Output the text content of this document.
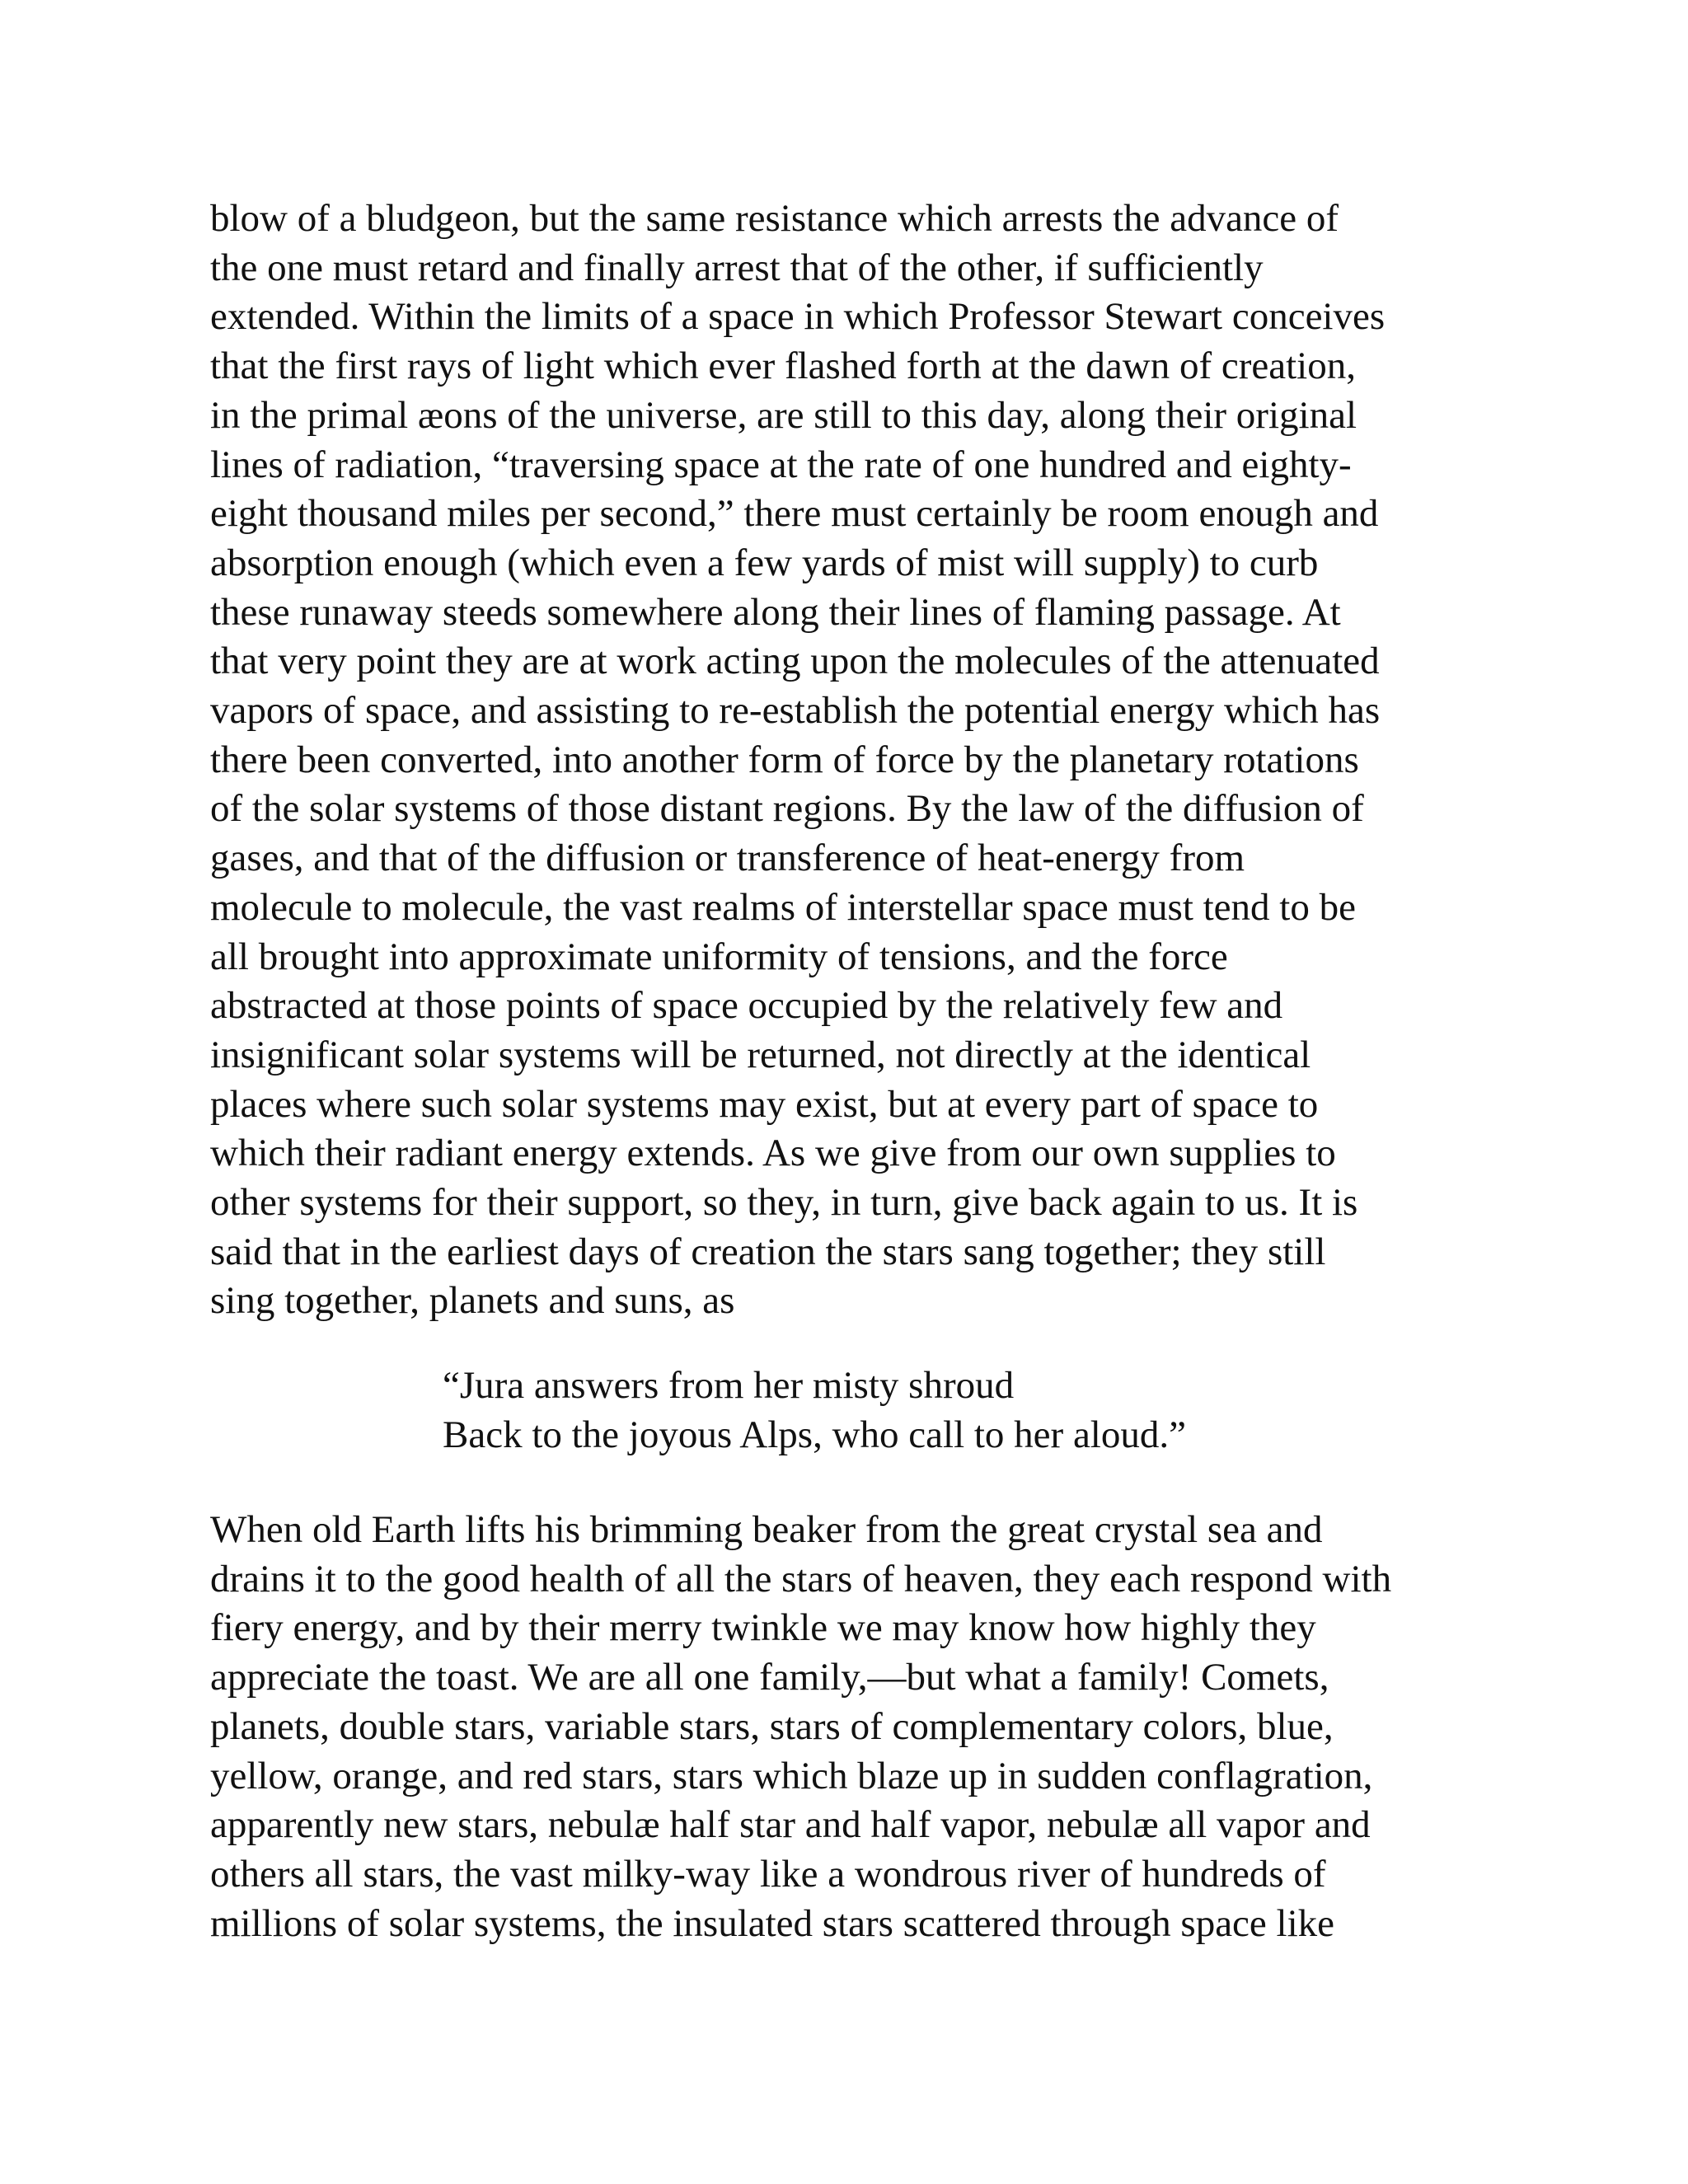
blow of a bludgeon, but the same resistance which arrests the advance of
the one must retard and finally arrest that of the other, if sufficiently
extended. Within the limits of a space in which Professor Stewart conceives
that the first rays of light which ever flashed forth at the dawn of creation,
in the primal æons of the universe, are still to this day, along their original
lines of radiation, “traversing space at the rate of one hundred and eighty-
eight thousand miles per second,” there must certainly be room enough and
absorption enough (which even a few yards of mist will supply) to curb
these runaway steeds somewhere along their lines of flaming passage. At
that very point they are at work acting upon the molecules of the attenuated
vapors of space, and assisting to re-establish the potential energy which has
there been converted, into another form of force by the planetary rotations
of the solar systems of those distant regions. By the law of the diffusion of
gases, and that of the diffusion or transference of heat-energy from
molecule to molecule, the vast realms of interstellar space must tend to be
all brought into approximate uniformity of tensions, and the force
abstracted at those points of space occupied by the relatively few and
insignificant solar systems will be returned, not directly at the identical
places where such solar systems may exist, but at every part of space to
which their radiant energy extends. As we give from our own supplies to
other systems for their support, so they, in turn, give back again to us. It is
said that in the earliest days of creation the stars sang together; they still
sing together, planets and suns, as

“Jura answers from her misty shroud
Back to the joyous Alps, who call to her aloud.”

When old Earth lifts his brimming beaker from the great crystal sea and
drains it to the good health of all the stars of heaven, they each respond with
fiery energy, and by their merry twinkle we may know how highly they
appreciate the toast. We are all one family,—but what a family! Comets,
planets, double stars, variable stars, stars of complementary colors, blue,
yellow, orange, and red stars, stars which blaze up in sudden conflagration,
apparently new stars, nebulæ half star and half vapor, nebulæ all vapor and
others all stars, the vast milky-way like a wondrous river of hundreds of
millions of solar systems, the insulated stars scattered through space like
